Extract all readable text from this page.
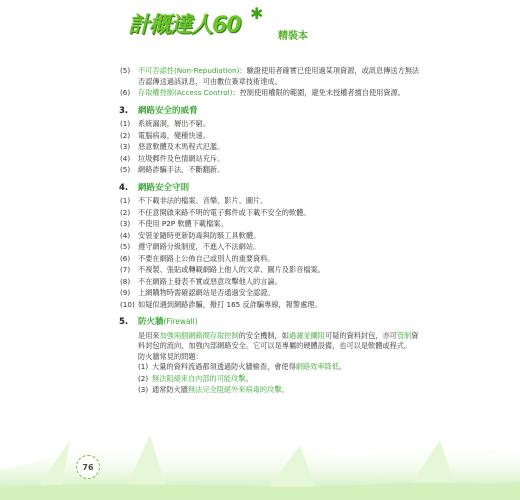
計概達人60 ✱
精裝本
(5)	不可否認性(Non-Repudiation)：驗證使用者確實已使用過某項資源，或訊息傳送方無法否認傳送過該訊息，可由數位簽章技術達成。
(6)	存取權控制(Access Control)：控制使用權限的範圍，避免未授權者擅自使用資源。
3.	網路安全的威脅
(1)	系統漏洞，層出不窮。
(2)	電腦病毒，變種快速。
(3)	惡意軟體及木馬程式氾濫。
(4)	垃圾郵件及色情網站充斥。
(5)	網路詐騙手法，不斷翻新。
4.	網路安全守則
(1)	不下載非法的檔案、音樂、影片、圖片。
(2)	不任意開啟來路不明的電子郵件或下載不安全的軟體。
(3)	不使用 P2P 軟體下載檔案。
(4)	安裝並隨時更新防毒與防駭工具軟體。
(5)	遵守網路分級制度，不進入不法網站。
(6)	不要在網路上公佈自己或別人的重要資料。
(7)	不複製、張貼或轉載網路上他人的文章、圖片及影音檔案。
(8)	不在網路上發表不實或惡意攻擊他人的言論。
(9)	上網購物時需確認網站是否通過安全認證。
(10) 如疑似遇到網路詐騙，撥打 165 反詐騙專線，報警處理。
5.	防火牆 (Firewall)
是用來加強兩個網路間存取控制的安全機制，如過濾並攔阻可疑的資料封包，亦可管制資料封包的流向，加強內部網路安全。它可以是專屬的硬體設備，也可以是軟體或程式。
防火牆常見的問題：
(1) 大量的資料流過都須透過防火牆檢查，會使得網路效率降低。
(2) 無法阻絕來自內部的可能攻擊。
(3) 通常防火牆無法完全阻絕外來病毒的攻擊。
76
